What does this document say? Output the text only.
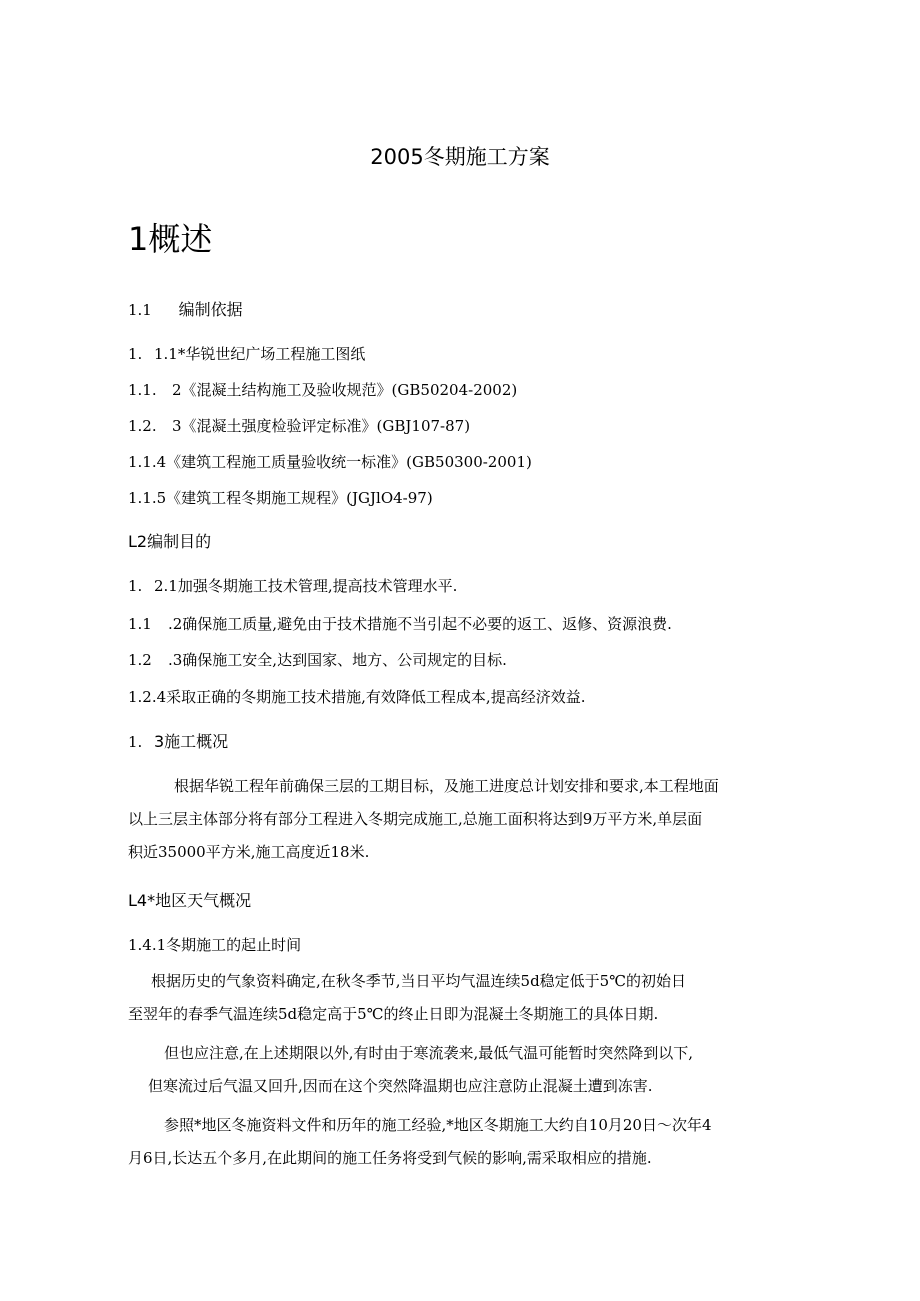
2005冬期施工方案
1概述
1.1 编制依据
1. 1.1*华锐世纪广场工程施工图纸
1.1. 2《混凝土结构施工及验收规范》(GB50204-2002)
1.2. 3《混凝土强度检验评定标准》(GBJ107-87)
1.1.4《建筑工程施工质量验收统一标准》(GB50300-2001)
1.1.5《建筑工程冬期施工规程》(JGJlO4-97)
L2编制目的
1. 2.1加强冬期施工技术管理,提高技术管理水平.
1.1 .2确保施工质量,避免由于技术措施不当引起不必要的返工、返修、资源浪费.
1.2 .3确保施工安全,达到国家、地方、公司规定的目标.
1.2.4采取正确的冬期施工技术措施,有效降低工程成本,提高经济效益.
1. 3施工概况
根据华锐工程年前确保三层的工期目标，及施工进度总计划安排和要求,本工程地面
以上三层主体部分将有部分工程进入冬期完成施工,总施工面积将达到9万平方米,单层面
积近35000平方米,施工高度近18米.
L4*地区天气概况
1.4.1冬期施工的起止时间
根据历史的气象资料确定,在秋冬季节,当日平均气温连续5d稳定低于5℃的初始日
至翌年的春季气温连续5d稳定高于5℃的终止日即为混凝土冬期施工的具体日期.
但也应注意,在上述期限以外,有时由于寒流袭来,最低气温可能暂时突然降到以下,
但寒流过后气温又回升,因而在这个突然降温期也应注意防止混凝土遭到冻害.
参照*地区冬施资料文件和历年的施工经验,*地区冬期施工大约自10月20日～次年4
月6日,长达五个多月,在此期间的施工任务将受到气候的影响,需采取相应的措施.
